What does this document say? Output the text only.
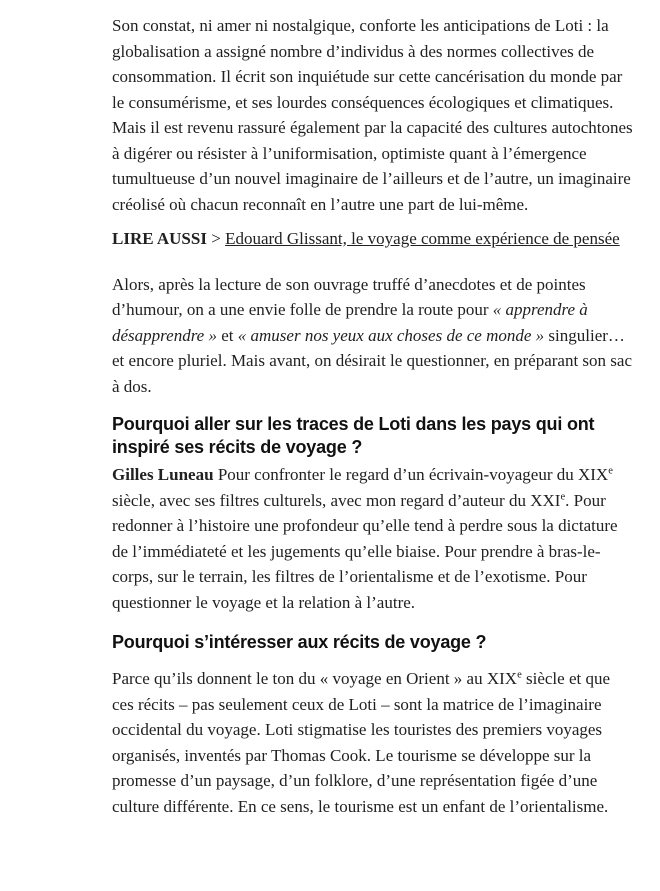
Son constat, ni amer ni nostalgique, conforte les anticipations de Loti : la globalisation a assigné nombre d’individus à des normes collectives de consommation. Il écrit son inquiétude sur cette cancérisation du monde par le consumérisme, et ses lourdes conséquences écologiques et climatiques. Mais il est revenu rassuré également par la capacité des cultures autochtones à digérer ou résister à l’uniformisation, optimiste quant à l’émergence tumultueuse d’un nouvel imaginaire de l’ailleurs et de l’autre, un imaginaire créolisé où chacun reconnaît en l’autre une part de lui-même.

LIRE AUSSI > Edouard Glissant, le voyage comme expérience de pensée

Alors, après la lecture de son ouvrage truffé d’anecdotes et de pointes d’humour, on a une envie folle de prendre la route pour « apprendre à désapprendre » et « amuser nos yeux aux choses de ce monde » singulier… et encore pluriel. Mais avant, on désirait le questionner, en préparant son sac à dos.

Pourquoi aller sur les traces de Loti dans les pays qui ont inspiré ses récits de voyage ?

Gilles Luneau Pour confronter le regard d’un écrivain-voyageur du XIXe siècle, avec ses filtres culturels, avec mon regard d’auteur du XXIe. Pour redonner à l’histoire une profondeur qu’elle tend à perdre sous la dictature de l’immédiateté et les jugements qu’elle biaise. Pour prendre à bras-le-corps, sur le terrain, les filtres de l’orientalisme et de l’exotisme. Pour questionner le voyage et la relation à l’autre.

Pourquoi s’intéresser aux récits de voyage ?

Parce qu’ils donnent le ton du « voyage en Orient » au XIXe siècle et que ces récits – pas seulement ceux de Loti – sont la matrice de l’imaginaire occidental du voyage. Loti stigmatise les touristes des premiers voyages organisés, inventés par Thomas Cook. Le tourisme se développe sur la promesse d’un paysage, d’un folklore, d’une représentation figée d’une culture différente. En ce sens, le tourisme est un enfant de l’orientalisme.
